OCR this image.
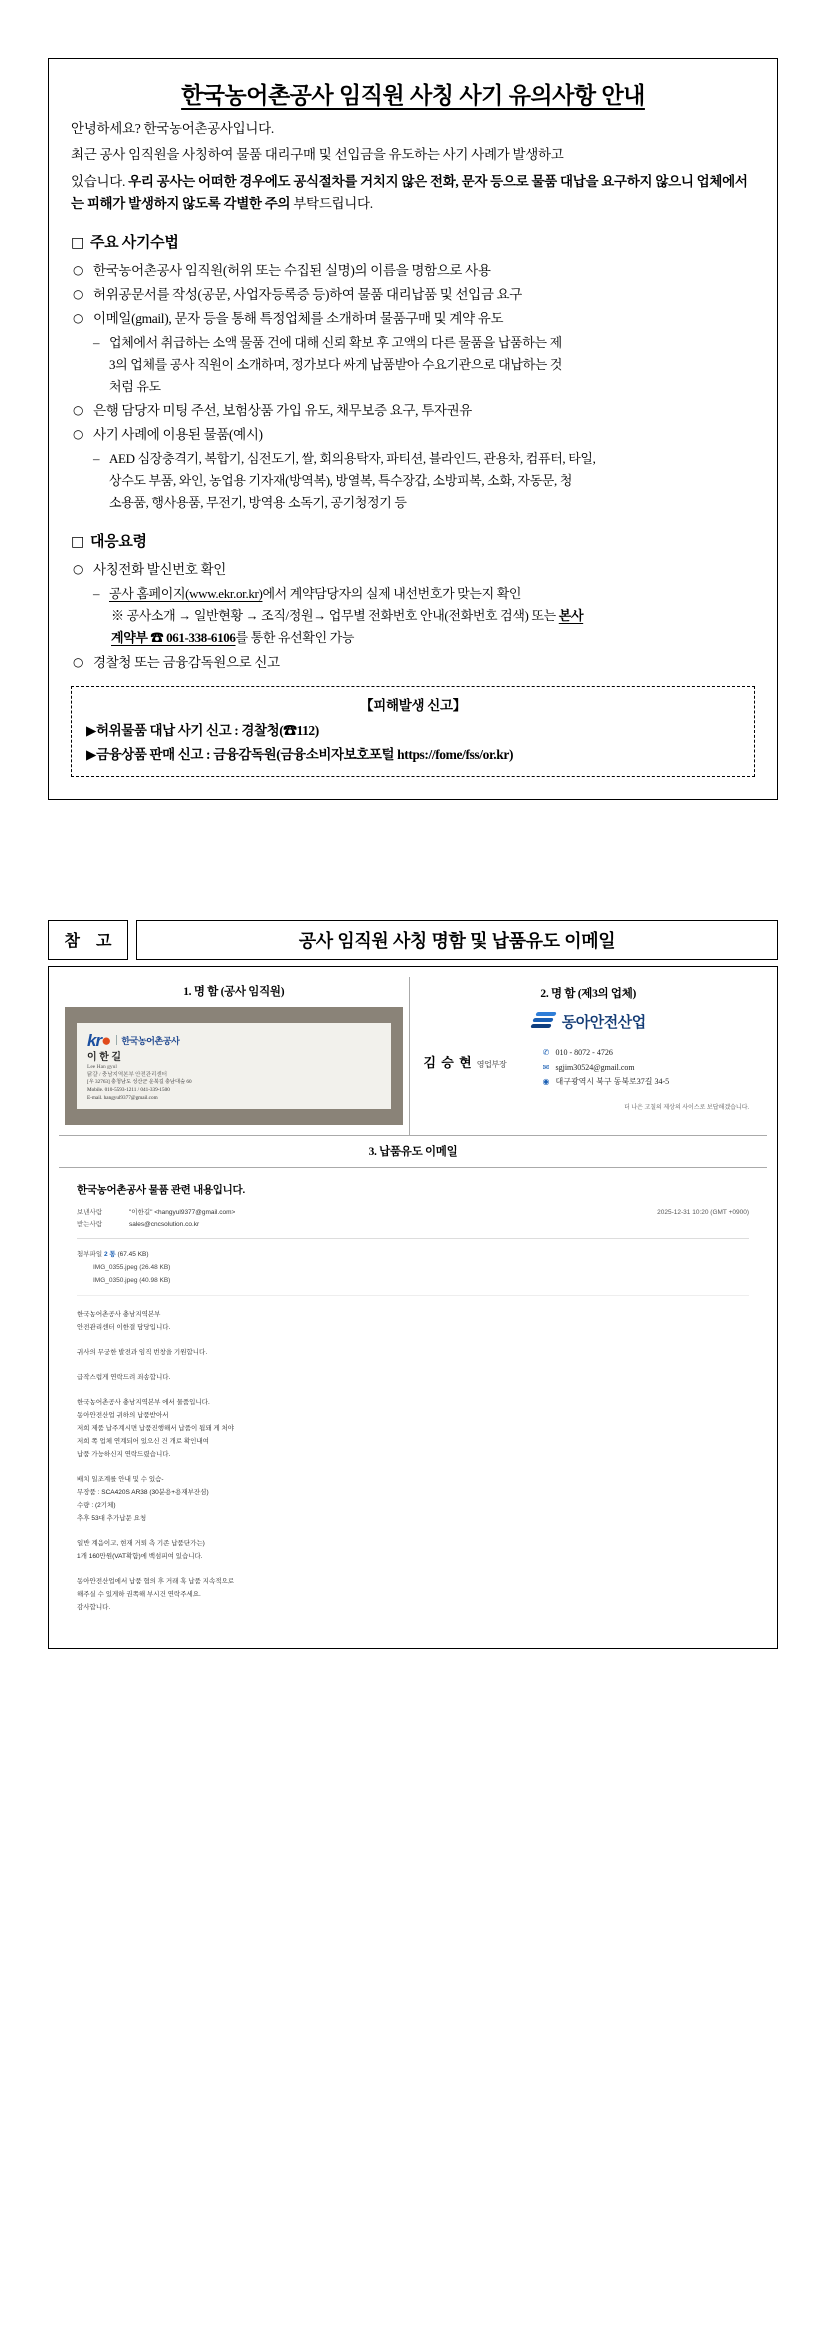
한국농어촌공사 임직원 사칭 사기 유의사항 안내

안녕하세요? 한국농어촌공사입니다.

최근 공사 임직원을 사칭하여 물품 대리구매 및 선입금을 유도하는 사기 사례가 발생하고

있습니다. 우리 공사는 어떠한 경우에도 공식절차를 거치지 않은 전화, 문자 등으로 물품 대납을 요구하지 않으니 업체에서는 피해가 발생하지 않도록 각별한 주의 부탁드립니다.

□ 주요 사기수법
○ 한국농어촌공사 임직원(허위 또는 수집된 실명)의 이름을 명함으로 사용
○ 허위공문서를 작성(공문, 사업자등록증 등)하여 물품 대리납품 및 선입금 요구
○ 이메일(gmail), 문자 등을 통해 특정업체를 소개하며 물품구매 및 계약 유도
– 업체에서 취급하는 소액 물품 건에 대해 신뢰 확보 후 고액의 다른 물품을 납품하는 제
3의 업체를 공사 직원이 소개하며, 정가보다 싸게 납품받아 수요기관으로 대납하는 것
처럼 유도
○ 은행 담당자 미팅 주선, 보험상품 가입 유도, 채무보증 요구, 투자권유
○ 사기 사례에 이용된 물품(예시)
– AED 심장충격기, 복합기, 심전도기, 쌀, 회의용탁자, 파티션, 블라인드, 관용차, 컴퓨터, 타일,
상수도 부품, 와인, 농업용 기자재(방역복), 방열복, 특수장갑, 소방피복, 소화, 자동문, 청
소용품, 행사용품, 무전기, 방역용 소독기, 공기청정기 등
□ 대응요령
○ 사칭전화 발신번호 확인
– 공사 홈페이지(www.ekr.or.kr)에서 계약담당자의 실제 내선번호가 맞는지 확인
※ 공사소개 → 일반현황 → 조직/정원→ 업무별 전화번호 안내(전화번호 검색) 또는 본사
계약부 ☎ 061-338-6106를 통한 유선확인 가능
○ 경찰청 또는 금융감독원으로 신고
【피해발생 신고】
▶허위물품 대납 사기 신고 : 경찰청(☎112)
▶금융상품 판매 신고 : 금융감독원(금융소비자보호포털 https://fome/fss/or.kr)
참 고	공사 임직원 사칭 명함 및 납품유도 이메일
1. 명 함 (공사 임직원)
kr●	한국농어촌공사
이 한 길
Lee Han gyul
닭걀 / 충남지역본부 안전관리센터
[우 32763] 충청남도 성산군 운북길 충남대숲 60
Mobile. 010-5593-1211 / 041-339-1500
E-mail. hangyul9377@gmail.com
2. 명 함 (제3의 업체)
동아안전산업
김 승 현 영업부장
✆ 010 - 8072 - 4726
✉ sgjim30524@gmail.com
◉ 대구광역시 북구 동북로37길 34-5
더 나은 고칠의 제상의 사이스로 보답해겠습니다.
3. 납품유도 이메일
한국농어촌공사 물품 관련 내용입니다.
보낸사람	"이한길" <hangyul9377@gmail.com>	2025-12-31 10:20 (GMT +0900)
받는사람	sales@cncsolution.co.kr
첨부파일 2 통 (67.45 KB)
IMG_0355.jpeg (26.48 KB)
IMG_0350.jpeg (40.98 KB)

한국농어촌공사 충남지역본부
안전관리센터 이한결 담당입니다.

귀사의 무궁한 발전과 임직 번창을 기원합니다.

급작스럽게 연락드려 죄송합니다.

한국농어촌공사 충남지역본부 에서 물품입니다.
동아안전산업 귀하의 납품받아서
저희 제품 납주계시면 납품진행해서 납품이 됩돼 게 처야
저희 쪽 업체 연계되어 있으신 건 개로 확인내여
납품 가능하신지 연락드렸습니다.

배치 일조계를 안내 및 수 있슴-
무장품 : SCA420S AR38 (30분용+용재부잔셤)
수량 : (2기체)
추후 53대 추가납문 요청

일반 계음이고, 현재 거퇴 측 기존 납품단가는)
1개 160만원(VAT확함)에 백섬피여 있습니다.

동아안전산업에서 납품 협의 후 거래 혹 납품 지속적으로
해주실 수 있게하 권쪽해 부시건 연락주세요.
감사합니다.
